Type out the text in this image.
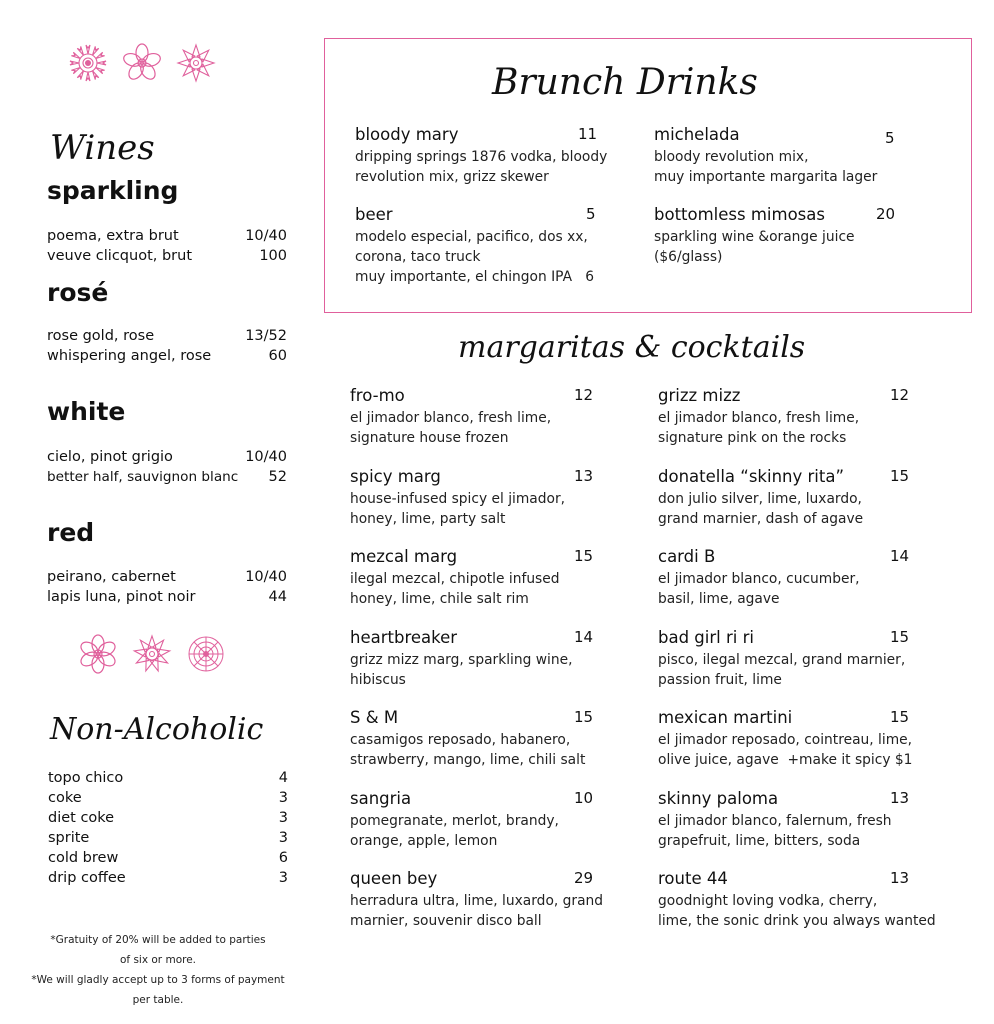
Wines
sparkling
poema, extra brut	10/40
veuve clicquot, brut	100
rosé
rose gold, rose	13/52
whispering angel, rose	60
white
cielo, pinot grigio	10/40
better half, sauvignon blanc 52
red
peirano, cabernet	10/40
lapis luna, pinot noir	44
Non-Alcoholic
topo chico	4
coke	3
diet coke	3
sprite	3
cold brew	6
drip coffee	3
*Gratuity of 20% will be added to parties
of six or more.
*We will gladly accept up to 3 forms of payment
per table.
Brunch Drinks
bloody mary	11
dripping springs 1876 vodka, bloody
revolution mix, grizz skewer
michelada	5
bloody revolution mix,
muy importante margarita lager
beer	5
modelo especial, pacifico, dos xx,
corona, taco truck
muy importante, el chingon IPA   6
bottomless mimosas	20
sparkling wine &orange juice
($6/glass)
margaritas & cocktails
fro-mo	12
el jimador blanco, fresh lime,
signature house frozen
grizz mizz	12
el jimador blanco, fresh lime,
signature pink on the rocks
spicy marg	13
house-infused spicy el jimador,
honey, lime, party salt
donatella “skinny rita”	15
don julio silver, lime, luxardo,
grand marnier, dash of agave
mezcal marg	15
ilegal mezcal, chipotle infused
honey, lime, chile salt rim
cardi B	14
el jimador blanco, cucumber,
basil, lime, agave
heartbreaker	14
grizz mizz marg, sparkling wine,
hibiscus
bad girl ri ri	15
pisco, ilegal mezcal, grand marnier,
passion fruit, lime
S & M	15
casamigos reposado, habanero,
strawberry, mango, lime, chili salt
mexican martini	15
el jimador reposado, cointreau, lime,
olive juice, agave  +make it spicy $1
sangria	10
pomegranate, merlot, brandy,
orange, apple, lemon
skinny paloma	13
el jimador blanco, falernum, fresh
grapefruit, lime, bitters, soda
queen bey	29
herradura ultra, lime, luxardo, grand
marnier, souvenir disco ball
route 44	13
goodnight loving vodka, cherry,
lime, the sonic drink you always wanted
